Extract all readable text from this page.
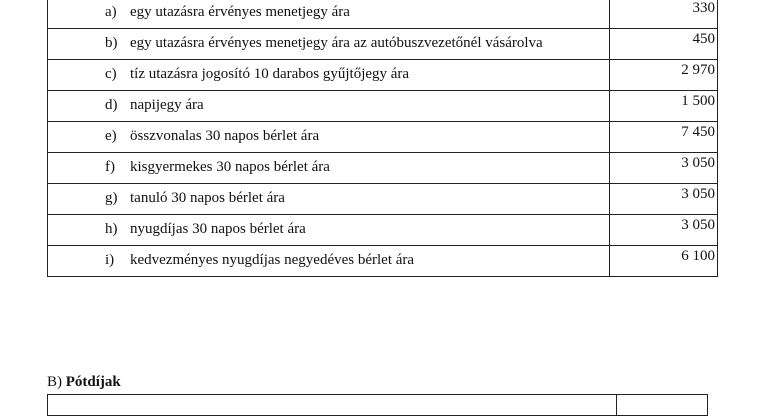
a) egy utazásra érvényes menetjegy ára	330

b) egy utazásra érvényes menetjegy ára az autóbuszvezetőnél vásárolva	450

c) tíz utazásra jogosító 10 darabos gyűjtőjegy ára	2 970

d) napijegy ára	1 500

e) összvonalas 30 napos bérlet ára	7 450

f) kisgyermekes 30 napos bérlet ára	3 050

g) tanuló 30 napos bérlet ára	3 050

h) nyugdíjas 30 napos bérlet ára	3 050

i) kedvezményes nyugdíjas negyedéves bérlet ára	6 100
B) Pótdíjak
